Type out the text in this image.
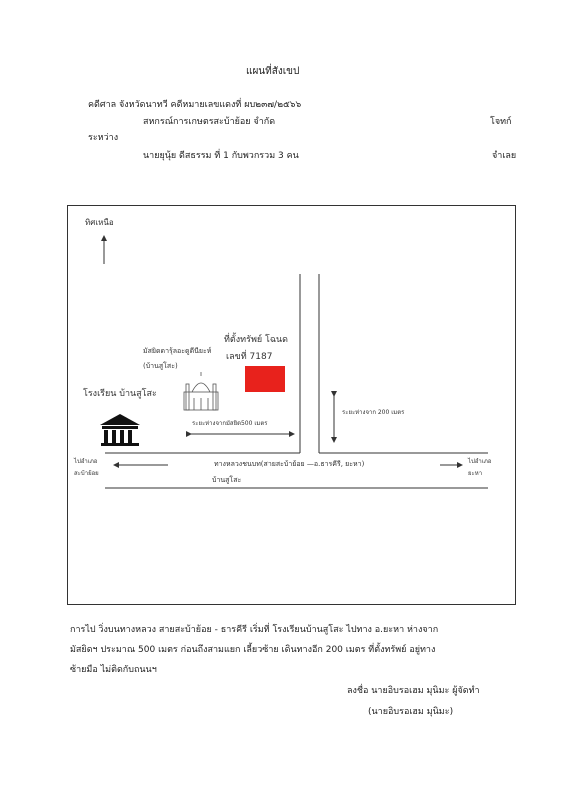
แผนที่สังเขป
คดีศาล จังหวัดนาทวี คดีหมายเลขแดงที่ ผบ๒๓๗/๒๕๖๖
สหกรณ์การเกษตรสะบ้าย้อย จำกัด	โจทก์
ระหว่าง
นายยุนุ้ย ดีสธรรม ที่ 1 กับพวกรวม 3 คน	จำเลย
ทิศเหนือ
ที่ตั้งทรัพย์ โฉนด
เลขที่ 7187
มัสยิดดารุ้ลอะดูดีนียะห์
(บ้านสูโสะ)
โรงเรียน บ้านสูโสะ
ระยะห่างจากมัสยิด500 เมตร
ระยะห่างจาก 200 เมตร
ไปอำเภอ
สะบ้าย้อย
ไปอำเภอ
ยะหา
ทางหลวงชนบท(สายสะบ้าย้อย —อ.ธารคีรี, ยะหา)
บ้านสูโสะ
การไป วิ่งบนทางหลวง สายสะบ้าย้อย - ธารคีรี เริ่มที่ โรงเรียนบ้านสูโสะ ไปทาง อ.ยะหา ห่างจาก
มัสยิดฯ ประมาณ 500 เมตร ก่อนถึงสามแยก เลี้ยวซ้าย เดินทางอีก 200 เมตร ที่ตั้งทรัพย์ อยู่ทาง
ซ้ายมือ ไม่ติดกับถนนฯ
ลงชื่อ นายอิบรอเฮม มุนิมะ ผู้จัดทำ
(นายอิบรอเฮม มุนิมะ)
